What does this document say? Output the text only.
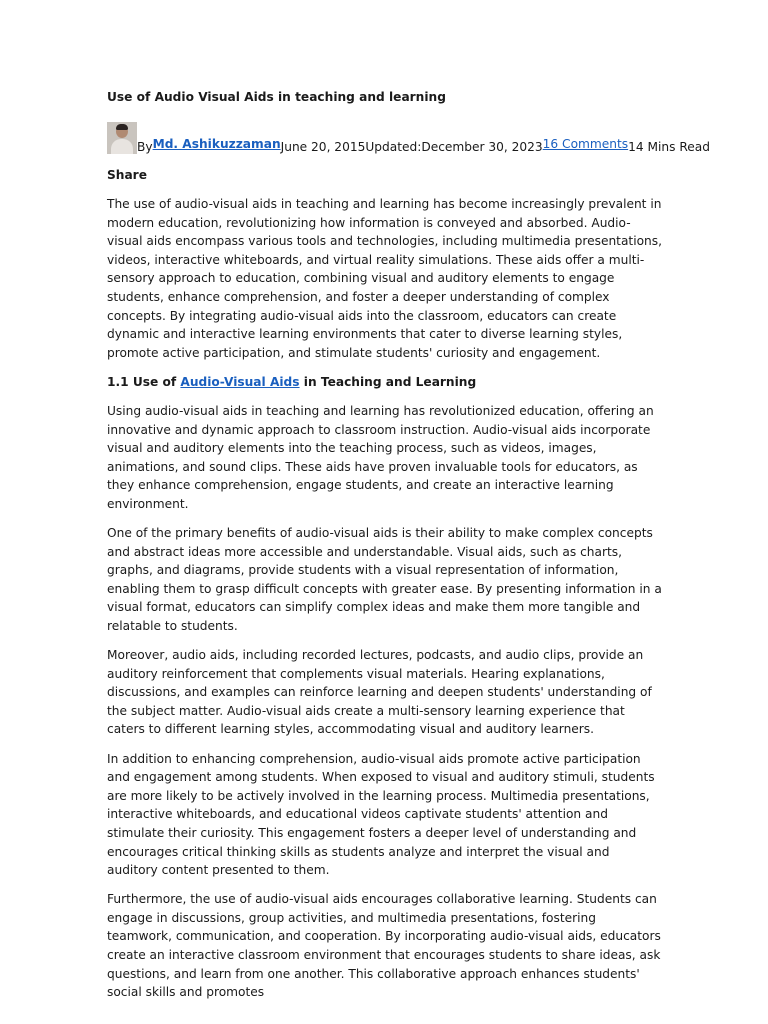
Use of Audio Visual Aids in teaching and learning
By Md. Ashikuzzaman June 20, 2015 Updated:December 30, 2023 16 Comments 14 Mins Read
Share

The use of audio-visual aids in teaching and learning has become increasingly prevalent in modern education, revolutionizing how information is conveyed and absorbed. Audio-visual aids encompass various tools and technologies, including multimedia presentations, videos, interactive whiteboards, and virtual reality simulations. These aids offer a multi-sensory approach to education, combining visual and auditory elements to engage students, enhance comprehension, and foster a deeper understanding of complex concepts. By integrating audio-visual aids into the classroom, educators can create dynamic and interactive learning environments that cater to diverse learning styles, promote active participation, and stimulate students' curiosity and engagement.

1.1 Use of Audio-Visual Aids in Teaching and Learning

Using audio-visual aids in teaching and learning has revolutionized education, offering an innovative and dynamic approach to classroom instruction. Audio-visual aids incorporate visual and auditory elements into the teaching process, such as videos, images, animations, and sound clips. These aids have proven invaluable tools for educators, as they enhance comprehension, engage students, and create an interactive learning environment.

One of the primary benefits of audio-visual aids is their ability to make complex concepts and abstract ideas more accessible and understandable. Visual aids, such as charts, graphs, and diagrams, provide students with a visual representation of information, enabling them to grasp difficult concepts with greater ease. By presenting information in a visual format, educators can simplify complex ideas and make them more tangible and relatable to students.

Moreover, audio aids, including recorded lectures, podcasts, and audio clips, provide an auditory reinforcement that complements visual materials. Hearing explanations, discussions, and examples can reinforce learning and deepen students' understanding of the subject matter. Audio-visual aids create a multi-sensory learning experience that caters to different learning styles, accommodating visual and auditory learners.

In addition to enhancing comprehension, audio-visual aids promote active participation and engagement among students. When exposed to visual and auditory stimuli, students are more likely to be actively involved in the learning process. Multimedia presentations, interactive whiteboards, and educational videos captivate students' attention and stimulate their curiosity. This engagement fosters a deeper level of understanding and encourages critical thinking skills as students analyze and interpret the visual and auditory content presented to them.

Furthermore, the use of audio-visual aids encourages collaborative learning. Students can engage in discussions, group activities, and multimedia presentations, fostering teamwork, communication, and cooperation. By incorporating audio-visual aids, educators create an interactive classroom environment that encourages students to share ideas, ask questions, and learn from one another. This collaborative approach enhances students' social skills and promotes
